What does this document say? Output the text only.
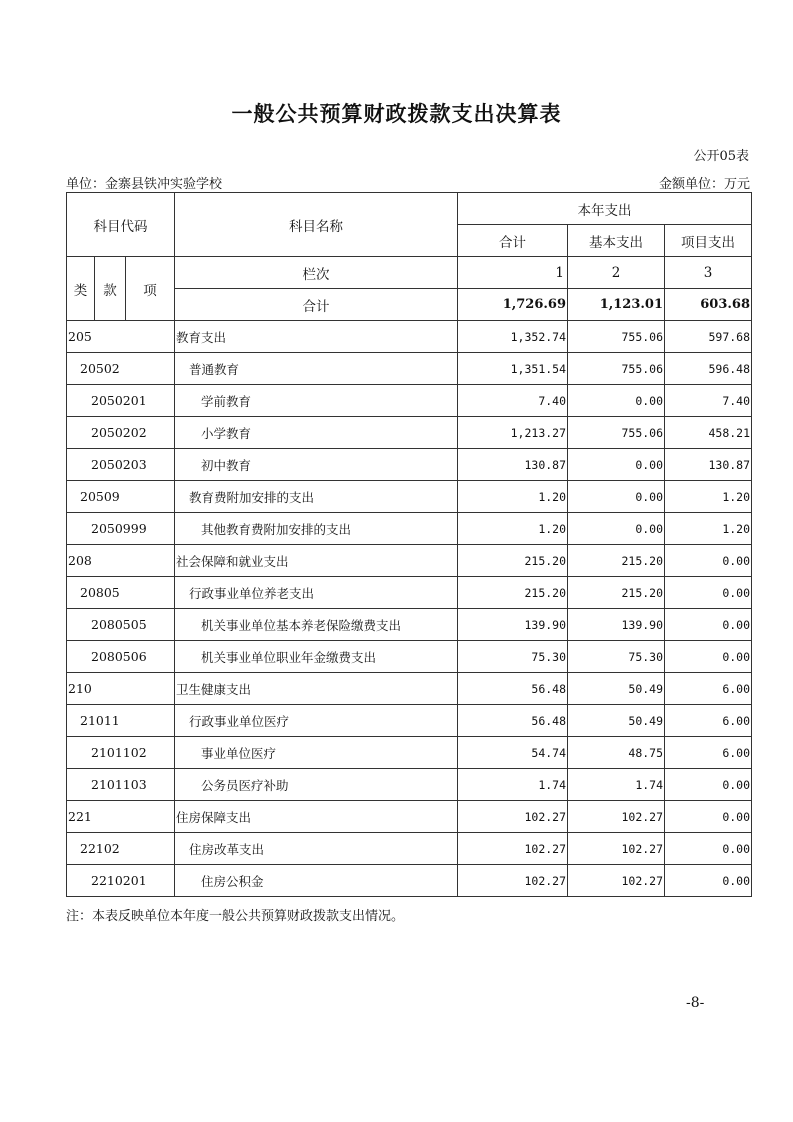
一般公共预算财政拨款支出决算表
公开05表
单位：金寨县铁冲实验学校	金额单位：万元
科目代码			科目名称	本年支出		
				合计	基本支出	项目支出
类	款	项	栏次	1	2	3
			合计	1,726.69	1,123.01	603.68
205			教育支出	1,352.74	755.06	597.68
20502			普通教育	1,351.54	755.06	596.48
2050201			学前教育	7.40	0.00	7.40
2050202			小学教育	1,213.27	755.06	458.21
2050203			初中教育	130.87	0.00	130.87
20509			教育费附加安排的支出	1.20	0.00	1.20
2050999			其他教育费附加安排的支出	1.20	0.00	1.20
208			社会保障和就业支出	215.20	215.20	0.00
20805			行政事业单位养老支出	215.20	215.20	0.00
2080505			机关事业单位基本养老保险缴费支出	139.90	139.90	0.00
2080506			机关事业单位职业年金缴费支出	75.30	75.30	0.00
210			卫生健康支出	56.48	50.49	6.00
21011			行政事业单位医疗	56.48	50.49	6.00
2101102			事业单位医疗	54.74	48.75	6.00
2101103			公务员医疗补助	1.74	1.74	0.00
221			住房保障支出	102.27	102.27	0.00
22102			住房改革支出	102.27	102.27	0.00
2210201			住房公积金	102.27	102.27	0.00
注：本表反映单位本年度一般公共预算财政拨款支出情况。
-8-
